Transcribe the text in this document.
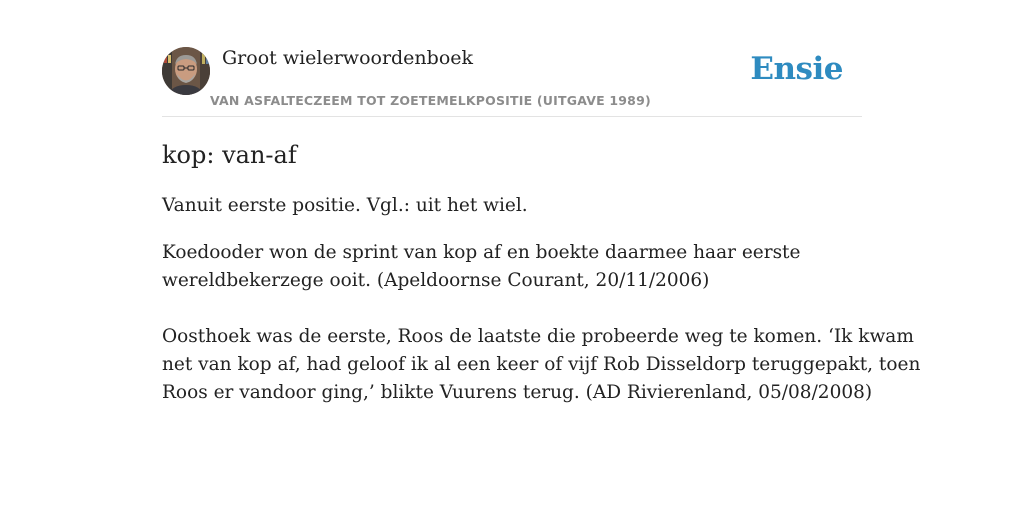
Groot wielerwoordenboek
VAN ASFALTECZEEM TOT ZOETEMELKPOSITIE (UITGAVE 1989)
Ensie
kop: van-af

Vanuit eerste positie. Vgl.: uit het wiel.

Koedooder won de sprint van kop af en boekte daarmee haar eerste
wereldbekerzege ooit. (Apeldoornse Courant, 20/11/2006)

Oosthoek was de eerste, Roos de laatste die probeerde weg te komen. ‘Ik kwam
net van kop af, had geloof ik al een keer of vijf Rob Disseldorp teruggepakt, toen
Roos er vandoor ging,’ blikte Vuurens terug. (AD Rivierenland, 05/08/2008)
